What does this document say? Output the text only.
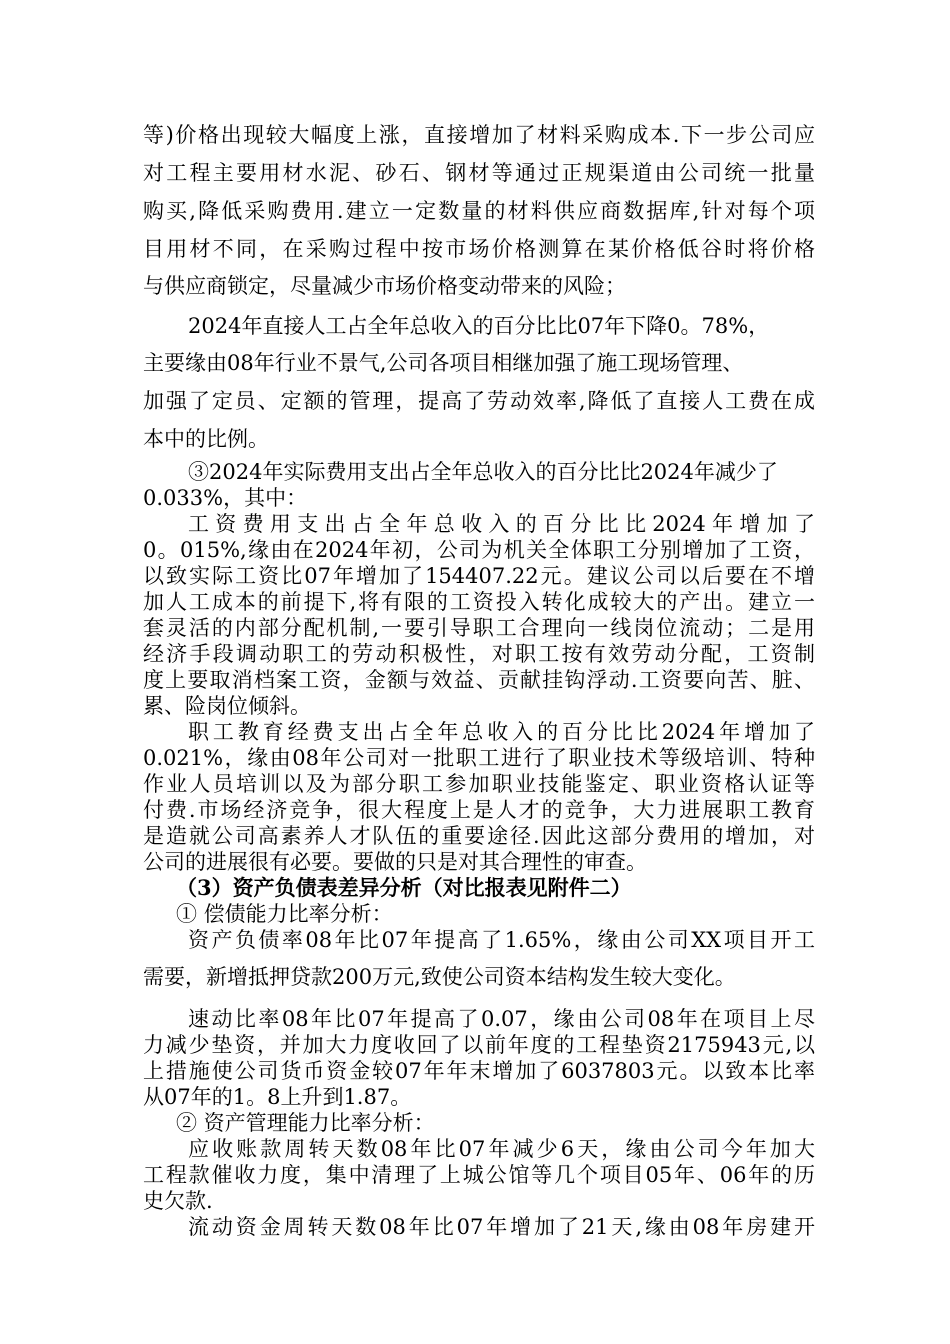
等)价格出现较大幅度上涨，直接增加了材料采购成本.下一步公司应
对工程主要用材水泥、砂石、钢材等通过正规渠道由公司统一批量
购买,降低采购费用.建立一定数量的材料供应商数据库,针对每个项
目用材不同，在采购过程中按市场价格测算在某价格低谷时将价格
与供应商锁定，尽量减少市场价格变动带来的风险；
2024年直接人工占全年总收入的百分比比07年下降0。78%，
主要缘由08年行业不景气,公司各项目相继加强了施工现场管理、
加强了定员、定额的管理，提高了劳动效率,降低了直接人工费在成
本中的比例。
③2024年实际费用支出占全年总收入的百分比比2024年减少了
0.033%，其中：
工资费用支出占全年总收入的百分比比2024年增加了
0。015%,缘由在2024年初，公司为机关全体职工分别增加了工资，
以致实际工资比07年增加了154407.22元。建议公司以后要在不增
加人工成本的前提下,将有限的工资投入转化成较大的产出。建立一
套灵活的内部分配机制,一要引导职工合理向一线岗位流动；二是用
经济手段调动职工的劳动积极性，对职工按有效劳动分配，工资制
度上要取消档案工资，金额与效益、贡献挂钩浮动.工资要向苦、脏、
累、险岗位倾斜。
职工教育经费支出占全年总收入的百分比比2024年增加了
0.021%，缘由08年公司对一批职工进行了职业技术等级培训、特种
作业人员培训以及为部分职工参加职业技能鉴定、职业资格认证等
付费.市场经济竞争，很大程度上是人才的竞争，大力进展职工教育
是造就公司高素养人才队伍的重要途径.因此这部分费用的增加，对
公司的进展很有必要。要做的只是对其合理性的审查。
（3）资产负债表差异分析（对比报表见附件二）
① 偿债能力比率分析：
资产负债率08年比07年提高了1.65%，缘由公司XX项目开工
需要，新增抵押贷款200万元,致使公司资本结构发生较大变化。
速动比率08年比07年提高了0.07，缘由公司08年在项目上尽
力减少垫资，并加大力度收回了以前年度的工程垫资2175943元,以
上措施使公司货币资金较07年年末增加了6037803元。以致本比率
从07年的1。8上升到1.87。
② 资产管理能力比率分析：
应收账款周转天数08年比07年减少6天，缘由公司今年加大
工程款催收力度，集中清理了上城公馆等几个项目05年、06年的历
史欠款.
流动资金周转天数08年比07年增加了21天,缘由08年房建开
